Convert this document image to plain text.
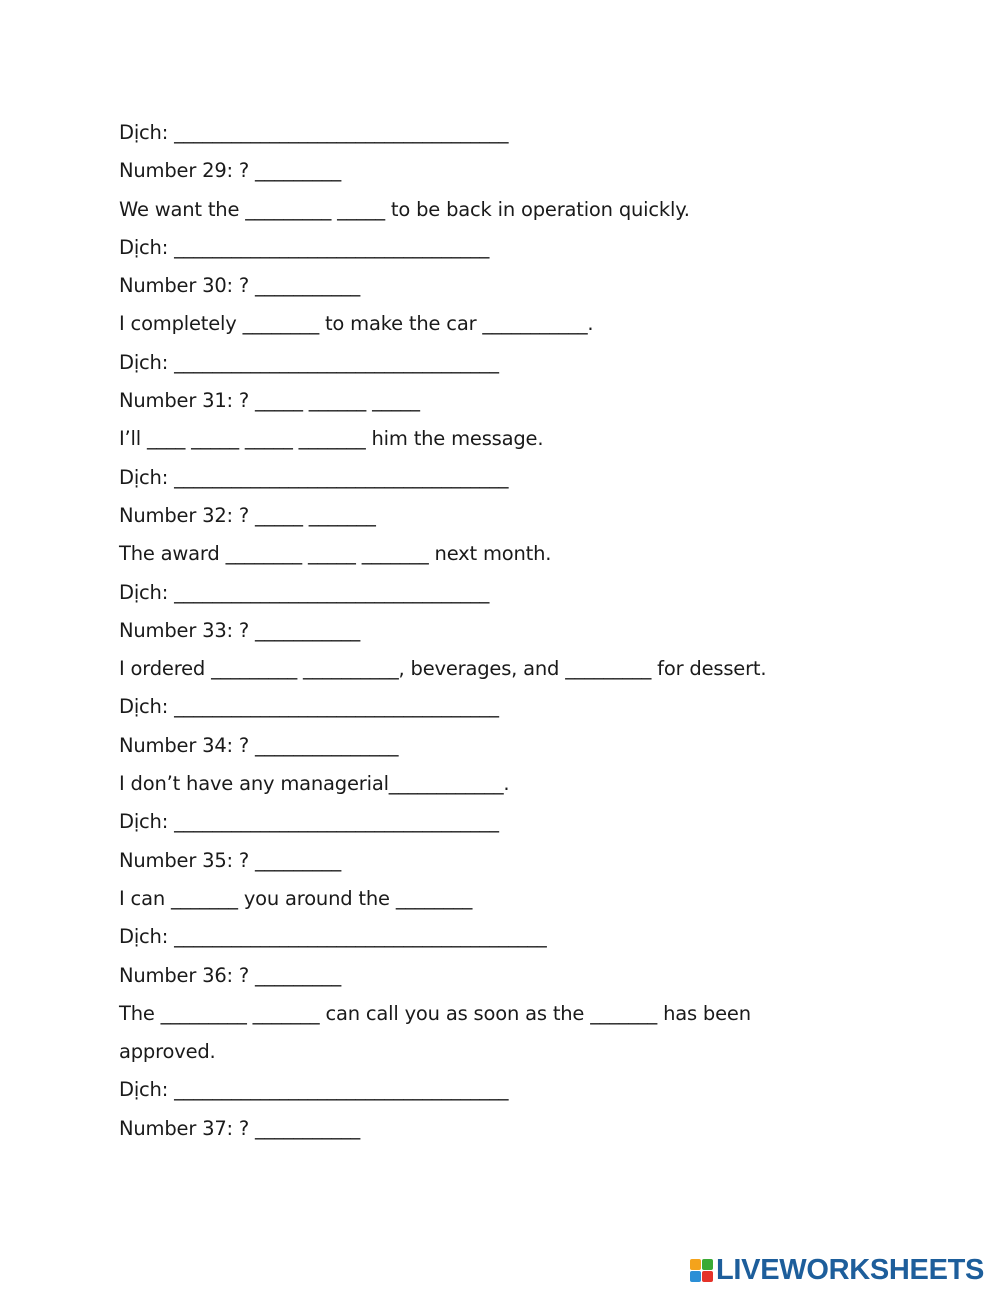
Dịch: ___________________________________
Number 29: ? _________
We want the _________ _____ to be back in operation quickly.
Dịch: _________________________________
Number 30: ? ___________
I completely ________ to make the car ___________.
Dịch: __________________________________
Number 31: ? _____ ______ _____
I’ll ____ _____ _____ _______ him the message.
Dịch: ___________________________________
Number 32: ? _____ _______
The award ________ _____ _______ next month.
Dịch: _________________________________
Number 33: ? ___________
I ordered _________ __________, beverages, and _________ for dessert.
Dịch: __________________________________
Number 34: ? _______________
I don’t have any managerial____________.
Dịch: __________________________________
Number 35: ? _________
I can _______ you around the ________
Dịch: _______________________________________
Number 36: ? _________
The _________ _______ can call you as soon as the _______ has been
approved.
Dịch: ___________________________________
Number 37: ? ___________
LIVEWORKSHEETS
